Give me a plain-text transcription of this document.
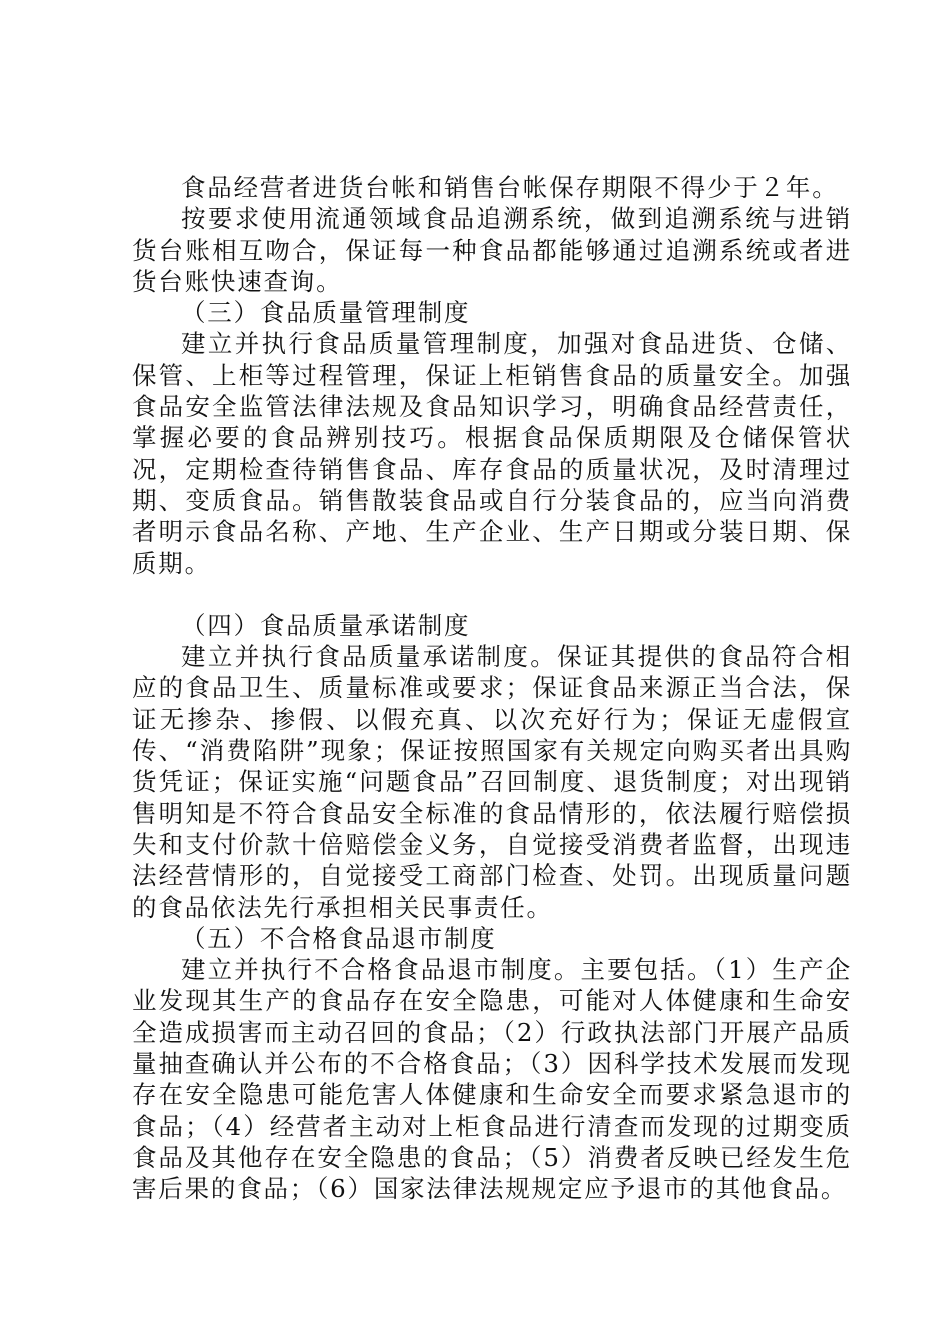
食品经营者进货台帐和销售台帐保存期限不得少于２年。

按要求使用流通领域食品追溯系统，做到追溯系统与进销货台账相互吻合，保证每一种食品都能够通过追溯系统或者进货台账快速查询。

（三）食品质量管理制度

建立并执行食品质量管理制度，加强对食品进货、仓储、保管、上柜等过程管理，保证上柜销售食品的质量安全。加强食品安全监管法律法规及食品知识学习，明确食品经营责任，掌握必要的食品辨别技巧。根据食品保质期限及仓储保管状况，定期检查待销售食品、库存食品的质量状况，及时清理过期、变质食品。销售散装食品或自行分装食品的，应当向消费者明示食品名称、产地、生产企业、生产日期或分装日期、保质期。

（四）食品质量承诺制度

建立并执行食品质量承诺制度。保证其提供的食品符合相应的食品卫生、质量标准或要求；保证食品来源正当合法，保证无掺杂、掺假、以假充真、以次充好行为；保证无虚假宣传、“消费陷阱”现象；保证按照国家有关规定向购买者出具购货凭证；保证实施“问题食品”召回制度、退货制度；对出现销售明知是不符合食品安全标准的食品情形的，依法履行赔偿损失和支付价款十倍赔偿金义务，自觉接受消费者监督，出现违法经营情形的，自觉接受工商部门检查、处罚。出现质量问题的食品依法先行承担相关民事责任。

（五）不合格食品退市制度

建立并执行不合格食品退市制度。主要包括。（1）生产企业发现其生产的食品存在安全隐患，可能对人体健康和生命安全造成损害而主动召回的食品；（2）行政执法部门开展产品质量抽查确认并公布的不合格食品；（3）因科学技术发展而发现存在安全隐患可能危害人体健康和生命安全而要求紧急退市的食品；（4）经营者主动对上柜食品进行清查而发现的过期变质食品及其他存在安全隐患的食品；（5）消费者反映已经发生危害后果的食品；（6）国家法律法规规定应予退市的其他食品。
